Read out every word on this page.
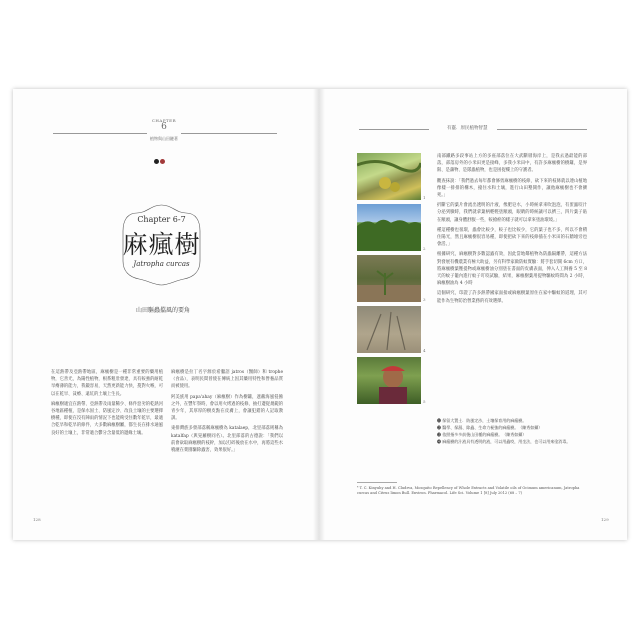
CHAPTER
6
植物與山田鏈著
Chapter 6-7
麻瘋樹
Jatropha curcas
山田驅蟲擋風的要角

在這熱帶及亞熱帶地區，麻瘋樹是一種非常重要的藥用植物，它善光，為陽性植物，根系粗壯發達，具有較強的耐乾旱瘠薄的能力，我鍛容易，天然更新能力快，蔓對火喉，可以在乾旱、貧瘠、遠坑的土壤上生長。

麻瘋樹適宜在熱帶、亞熱帶及雨量稀少、條件惡劣的乾熱河谷地區種植，是保水固土、防風定沙、改良土壤的主要選擇樹種，即使在沒有陣雨的情況下也能夠受住數年乾旱，最適合乾旱和乾旱的條件，大多數麻瘋樹屬，都生長在排水通風良好的土壤上，非常適合鬱分含量低的邊緣土壤。

麻瘋樹是拉丁名字源於希臘語 jatros（醫師）和 trophe（食品），表明民間曾使在傳統上因其藥用特性和營養品質而被使用。

阿美族用 papa'ahay（麻瘋樹）作為樹籬，遮蔽海風侵蝕之外，在豐年祭時，會以用火烤過的枝條，抽打邊從規範的青少年，其厚厚的樹皮點在皮膚上，會讓犯錯的人記取教訓。

東排灣族多發部落稱麻瘋樹為 katalaep，北里部落則稱為 katalfap（與晃蘿樹同名）。北里部落的古德說：「我們以前會砍取麻瘋樹的枝幹，加以打碎後放在水中，再將這些水噴灑在菜園驅除蟲害，效果很好。」

128
有靈．原民植物智慧
1
2
3
4
5

南部鐵路多段事站上方的多座部落位在大武斷層海岸上，是我去過最能的部落，部落房外的小米田更是接峰，多我小米田中，有許多麻瘋樹的樹籬，是界限、是藩物、是隊蟲植物，也是困捉樓上的守護者。

觀查抹說：「我們過去每年都會修剪麻瘋樹的枝條，砍下來的枝條就以連山植地像樣一排排的構木，撞住水和土壤，進行山田墾開作，讓他麻瘋樹也不會擴死。」

折斷它的葉片會流出透明的汁液，像肥皂水，小時候拿來吹泡泡，有蛋蟲咬汁分泌到臉時，我們就拿葉柄輕輕塗額頭，眼睛的時候讓可以擠三，四片葉子貼在額頭，讓身體舒服一些，較搶瘀的樣子就可以拿來塗油環境。」

種這種樹也很環，蟲會比較少，較子也比較少，它的葉子也不多，所以不會積住陽光，然且麻瘋樹很容易種，即使把砍下來的枝條插在小米田的石牆埵旁也會活。」

根據研究，麻瘋樹對多數認蟲有效，因此當地鄰植物為防蟲隔離帶，這種方法對發展有機農業有極大助益，另有科學家做防蚊實驗：將手套切開 6cm 方口，將麻瘋樹葉壓提物或麻瘋樹油分別塗在書面的皮膚表面，伸入人工飼養 5 至 8 天的蚊子籠內進行蚊子叮咬試驗，結果，麻瘋樹葉用提物驅蚊時間為 2 小時，麻瘋樹油為 4 小時

這個研究，印證了許多熱帶國家面接或麻瘋樹葉原住在家中驅蚊的道理，其可能作為生物防治營業務的有效選擇。

❶ 保留大置土．防風定沙，土壤保育用的麻瘋樹。
❷ 醫學、保濕、除蟲、生命力極強的麻瘋樹。（陳秀如攝）
❸ 依照指多多前後山田種的麻瘋樹。（陳秀如攝）
❹ 麻瘋樹的汁液具有透明的液，可以用蟲咬，用坐法，也可以用來塗消毒。
⁴ T. C. Kinyuhy and H. Cludrva, Mosquito Repellency of Whole Extracts and Volatile oils of Ocimum americanum, Jatropha curcas and Citrus limon Bull. Environ. Pharmacol. Life Sci. Volume 1 [8] July 2012 (68 – 7)
129
